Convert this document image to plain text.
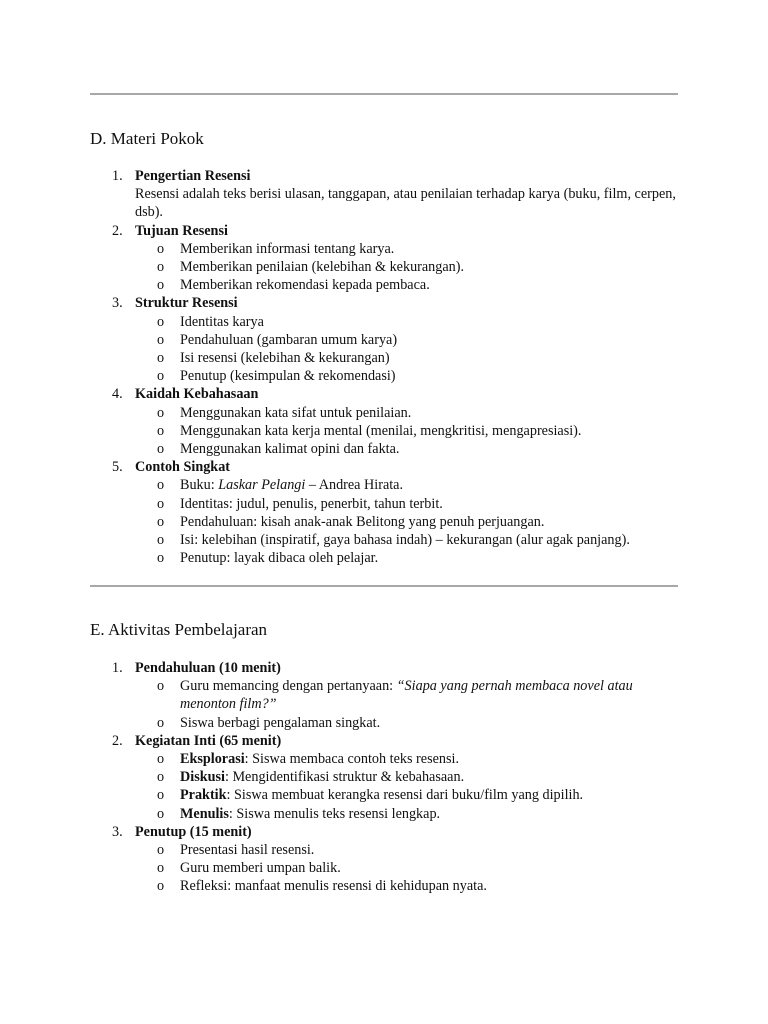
D. Materi Pokok
1. Pengertian Resensi
Resensi adalah teks berisi ulasan, tanggapan, atau penilaian terhadap karya (buku, film, cerpen, dsb).
2. Tujuan Resensi
o Memberikan informasi tentang karya.
o Memberikan penilaian (kelebihan & kekurangan).
o Memberikan rekomendasi kepada pembaca.
3. Struktur Resensi
o Identitas karya
o Pendahuluan (gambaran umum karya)
o Isi resensi (kelebihan & kekurangan)
o Penutup (kesimpulan & rekomendasi)
4. Kaidah Kebahasaan
o Menggunakan kata sifat untuk penilaian.
o Menggunakan kata kerja mental (menilai, mengkritisi, mengapresiasi).
o Menggunakan kalimat opini dan fakta.
5. Contoh Singkat
o Buku: Laskar Pelangi – Andrea Hirata.
o Identitas: judul, penulis, penerbit, tahun terbit.
o Pendahuluan: kisah anak-anak Belitong yang penuh perjuangan.
o Isi: kelebihan (inspiratif, gaya bahasa indah) – kekurangan (alur agak panjang).
o Penutup: layak dibaca oleh pelajar.
E. Aktivitas Pembelajaran
1. Pendahuluan (10 menit)
o Guru memancing dengan pertanyaan: “Siapa yang pernah membaca novel atau menonton film?”
o Siswa berbagi pengalaman singkat.
2. Kegiatan Inti (65 menit)
o Eksplorasi: Siswa membaca contoh teks resensi.
o Diskusi: Mengidentifikasi struktur & kebahasaan.
o Praktik: Siswa membuat kerangka resensi dari buku/film yang dipilih.
o Menulis: Siswa menulis teks resensi lengkap.
3. Penutup (15 menit)
o Presentasi hasil resensi.
o Guru memberi umpan balik.
o Refleksi: manfaat menulis resensi di kehidupan nyata.
